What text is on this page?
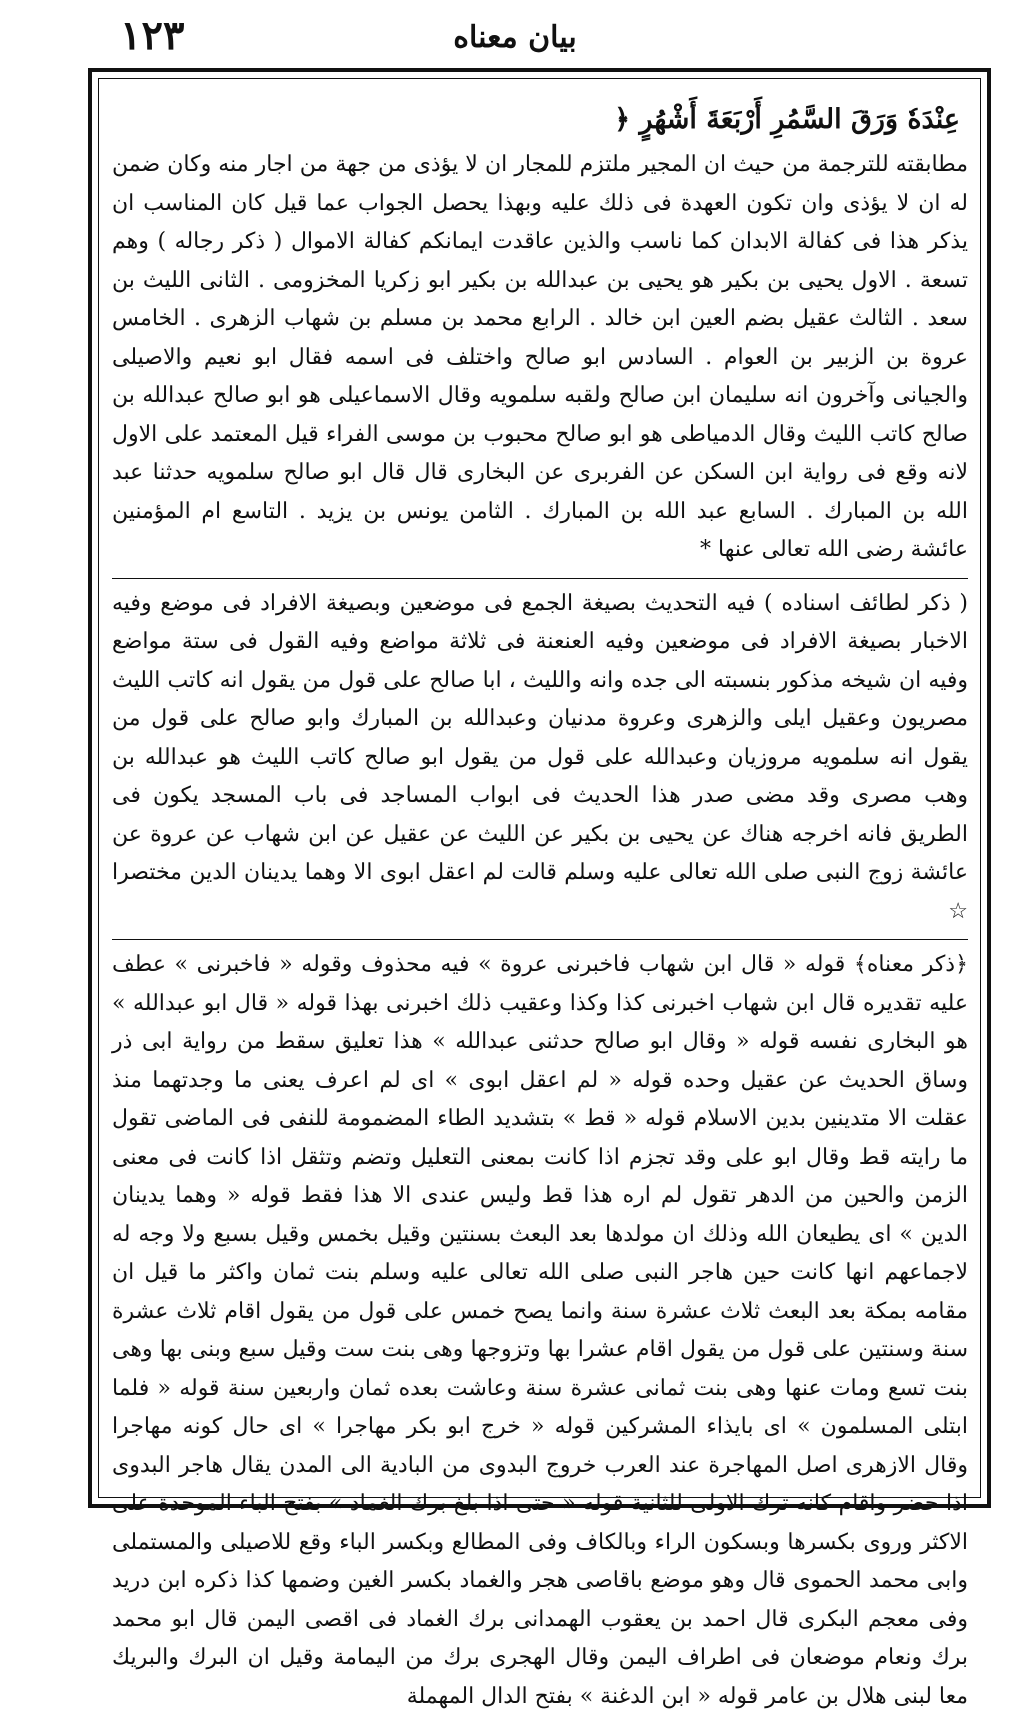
١٢٣	بيان معناه
عِنْدَهٗ وَرَقَ السَّمُرِ أَرْبَعَةَ أَشْهُرٍ ﴿

مطابقته للترجمة من حيث ان المجير ملتزم للمجار ان لا يؤذى من جهة من اجار منه وكان ضمن له ان لا يؤذى وان تكون العهدة فى ذلك عليه وبهذا يحصل الجواب عما قيل كان المناسب ان يذكر هذا فى كفالة الابدان كما ناسب والذين عاقدت ايمانكم كفالة الاموال ( ذكر رجاله ) وهم تسعة . الاول يحيى بن بكير هو يحيى بن عبدالله بن بكير ابو زكريا المخزومى . الثانى الليث بن سعد . الثالث عقيل بضم العين ابن خالد . الرابع محمد بن مسلم بن شهاب الزهرى . الخامس عروة بن الزبير بن العوام . السادس ابو صالح واختلف فى اسمه فقال ابو نعيم والاصيلى والجيانى وآخرون انه سليمان ابن صالح ولقبه سلمويه وقال الاسماعيلى هو ابو صالح عبدالله بن صالح كاتب الليث وقال الدمياطى هو ابو صالح محبوب بن موسى الفراء قيل المعتمد على الاول لانه وقع فى رواية ابن السكن عن الفربرى عن البخارى قال قال ابو صالح سلمويه حدثنا عبد الله بن المبارك . السابع عبد الله بن المبارك . الثامن يونس بن يزيد . التاسع ام المؤمنين عائشة رضى الله تعالى عنها *

( ذكر لطائف اسناده ) فيه التحديث بصيغة الجمع فى موضعين وبصيغة الافراد فى موضع وفيه الاخبار بصيغة الافراد فى موضعين وفيه العنعنة فى ثلاثة مواضع وفيه القول فى ستة مواضع وفيه ان شيخه مذكور بنسبته الى جده وانه والليث ، ابا صالح على قول من يقول انه كاتب الليث مصريون وعقيل ايلى والزهرى وعروة مدنيان وعبدالله بن المبارك وابو صالح على قول من يقول انه سلمويه مروزيان وعبدالله على قول من يقول ابو صالح كاتب الليث هو عبدالله بن وهب مصرى وقد مضى صدر هذا الحديث فى ابواب المساجد فى باب المسجد يكون فى الطريق فانه اخرجه هناك عن يحيى بن بكير عن الليث عن عقيل عن ابن شهاب عن عروة عن عائشة زوج النبى صلى الله تعالى عليه وسلم قالت لم اعقل ابوى الا وهما يدينان الدين مختصرا ☆

﴿ذكر معناه﴾ قوله « قال ابن شهاب فاخبرنى عروة » فيه محذوف وقوله « فاخبرنى » عطف عليه تقديره قال ابن شهاب اخبرنى كذا وكذا وعقيب ذلك اخبرنى بهذا قوله « قال ابو عبدالله » هو البخارى نفسه قوله « وقال ابو صالح حدثنى عبدالله » هذا تعليق سقط من رواية ابى ذر وساق الحديث عن عقيل وحده قوله « لم اعقل ابوى » اى لم اعرف يعنى ما وجدتهما منذ عقلت الا متدينين بدين الاسلام قوله « قط » بتشديد الطاء المضمومة للنفى فى الماضى تقول ما رايته قط وقال ابو على وقد تجزم اذا كانت بمعنى التعليل وتضم وتثقل اذا كانت فى معنى الزمن والحين من الدهر تقول لم اره هذا قط وليس عندى الا هذا فقط قوله « وهما يدينان الدين » اى يطيعان الله وذلك ان مولدها بعد البعث بسنتين وقيل بخمس وقيل بسبع ولا وجه له لاجماعهم انها كانت حين هاجر النبى صلى الله تعالى عليه وسلم بنت ثمان واكثر ما قيل ان مقامه بمكة بعد البعث ثلاث عشرة سنة وانما يصح خمس على قول من يقول اقام ثلاث عشرة سنة وسنتين على قول من يقول اقام عشرا بها وتزوجها وهى بنت ست وقيل سبع وبنى بها وهى بنت تسع ومات عنها وهى بنت ثمانى عشرة سنة وعاشت بعده ثمان واربعين سنة قوله « فلما ابتلى المسلمون » اى بايذاء المشركين قوله « خرج ابو بكر مهاجرا » اى حال كونه مهاجرا وقال الازهرى اصل المهاجرة عند العرب خروج البدوى من البادية الى المدن يقال هاجر البدوى اذا حضر واقام كانه ترك الاولى للثانية قوله « حتى اذا بلغ برك الغماد » بفتح الباء الموحدة على الاكثر وروى بكسرها وبسكون الراء وبالكاف وفى المطالع وبكسر الباء وقع للاصيلى والمستملى وابى محمد الحموى قال وهو موضع باقاصى هجر والغماد بكسر الغين وضمها كذا ذكره ابن دريد وفى معجم البكرى قال احمد بن يعقوب الهمدانى برك الغماد فى اقصى اليمن قال ابو محمد برك ونعام موضعان فى اطراف اليمن وقال الهجرى برك من اليمامة وقيل ان البرك والبريك معا لبنى هلال بن عامر قوله « ابن الدغنة » بفتح الدال المهملة
